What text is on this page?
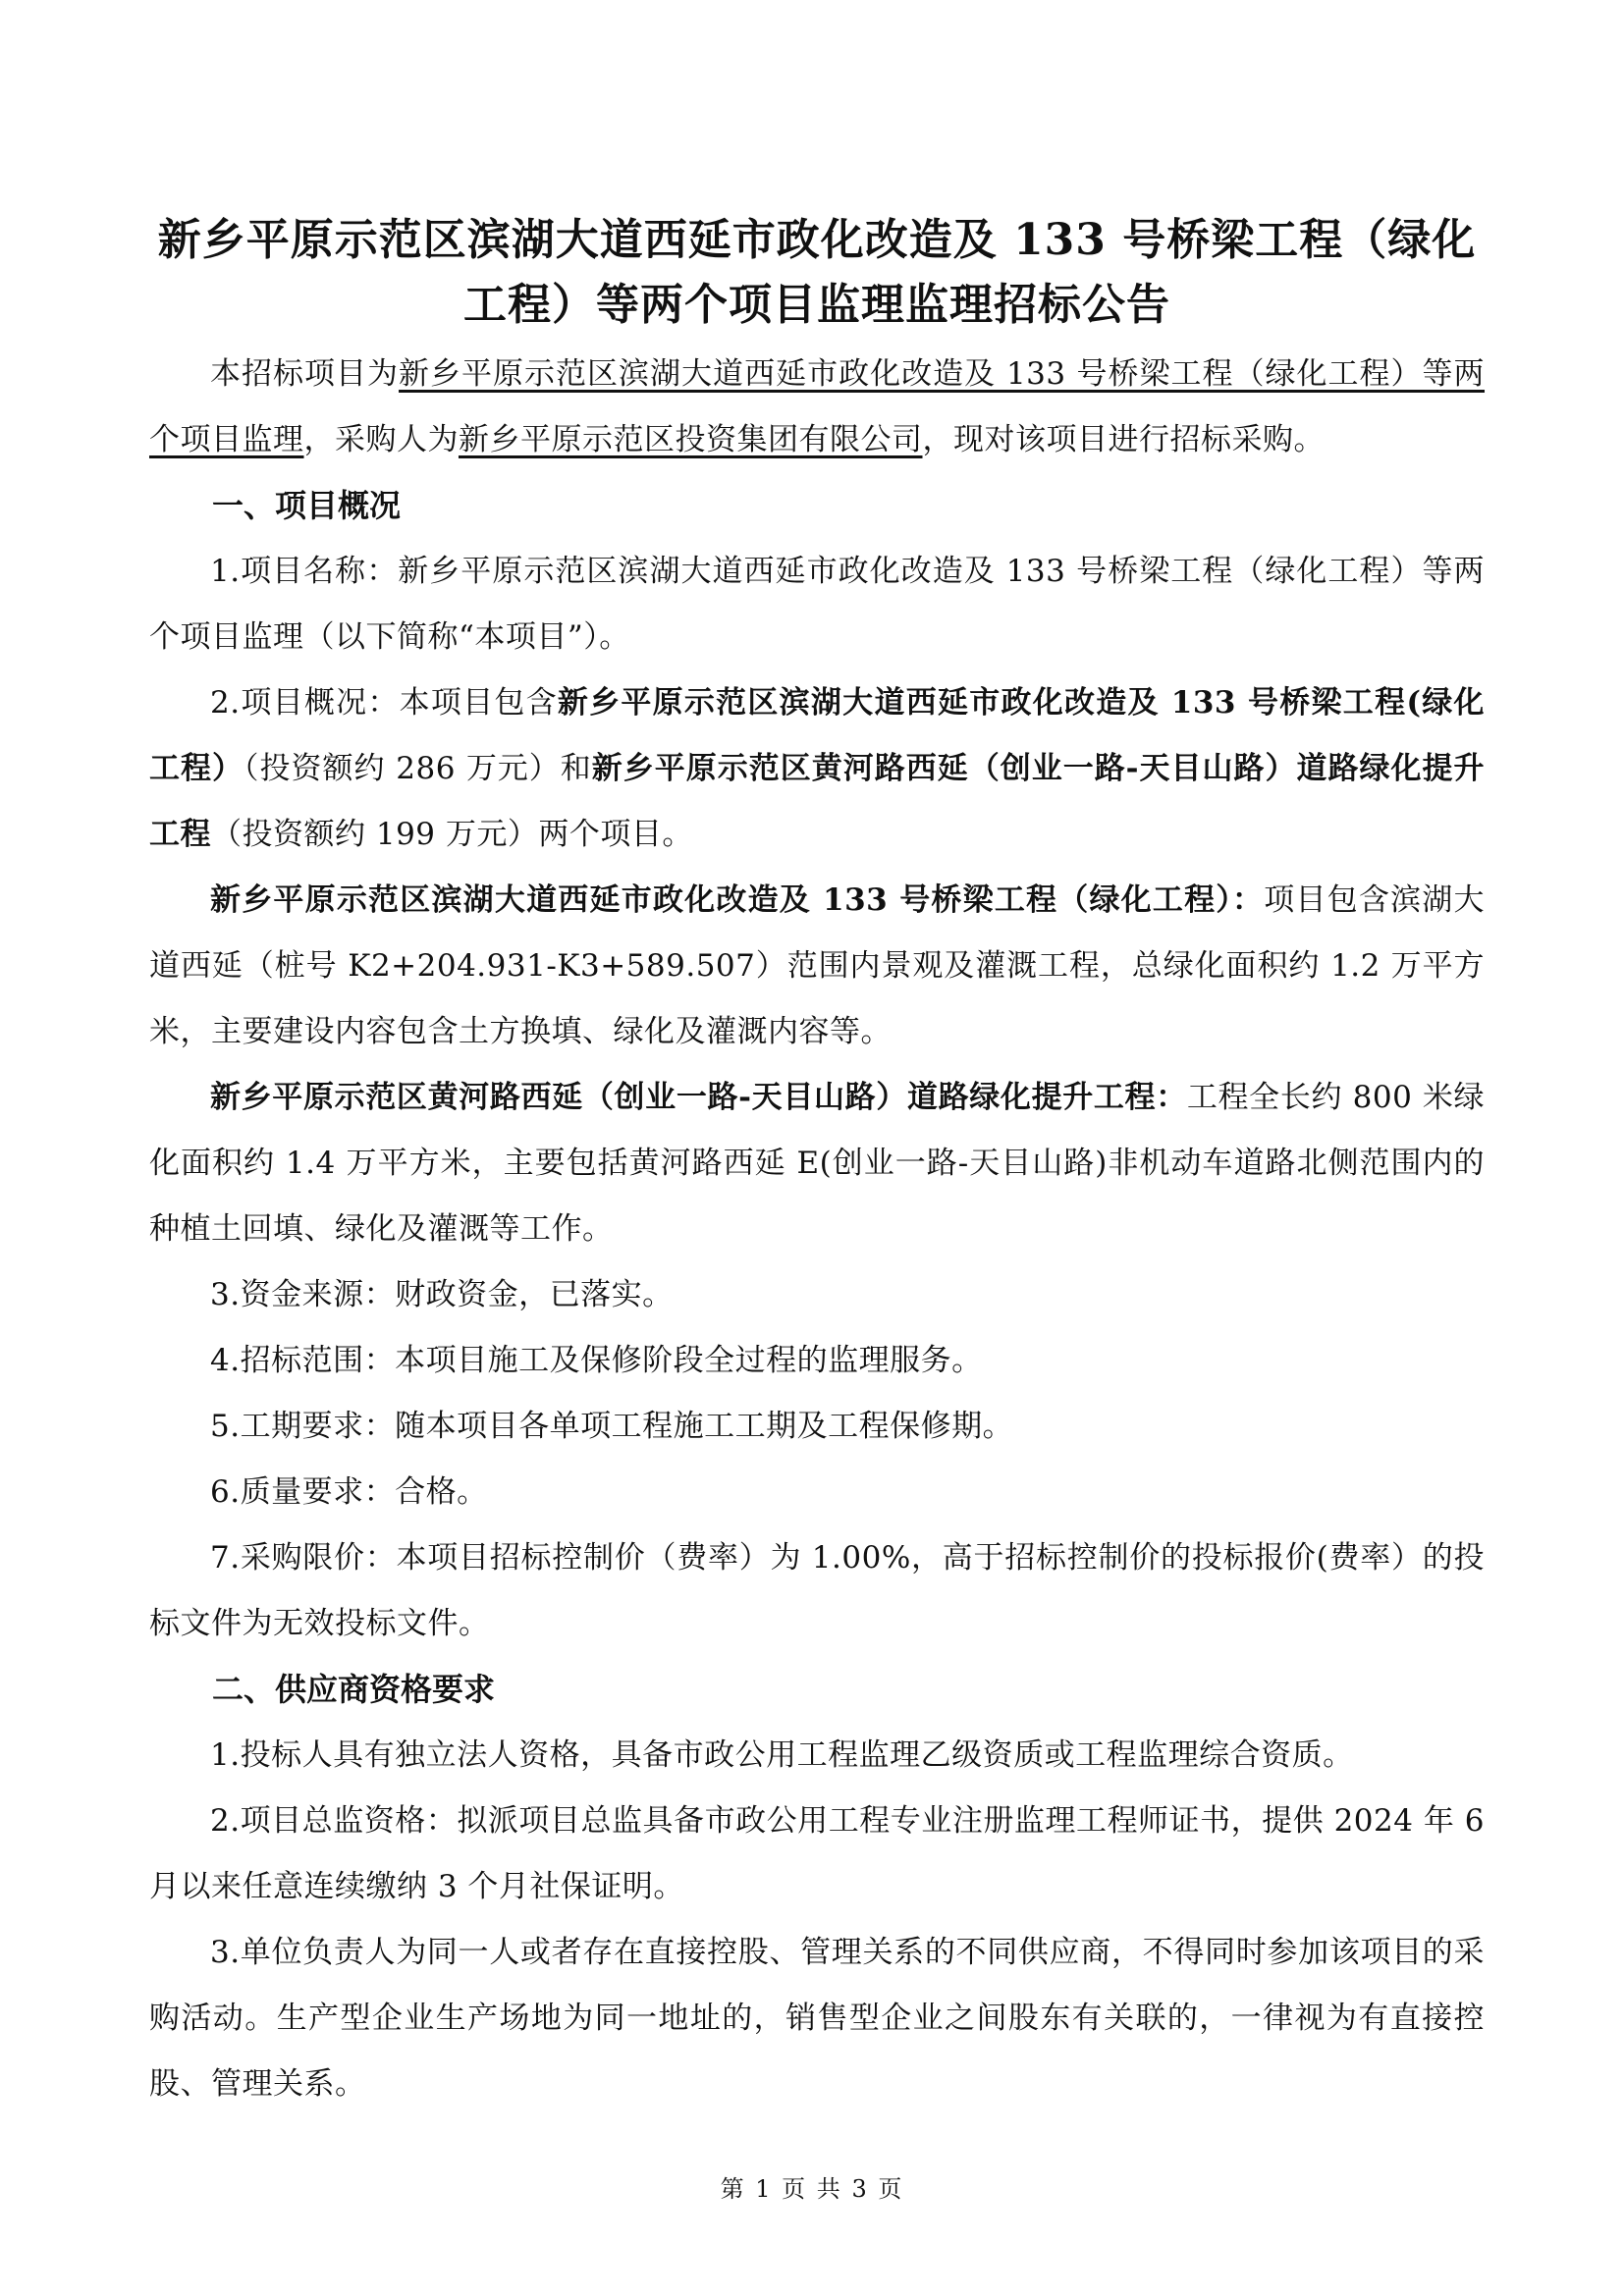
新乡平原示范区滨湖大道西延市政化改造及 133 号桥梁工程（绿化工程）等两个项目监理监理招标公告

本招标项目为新乡平原示范区滨湖大道西延市政化改造及 133 号桥梁工程（绿化工程）等两个项目监理，采购人为新乡平原示范区投资集团有限公司，现对该项目进行招标采购。

一、项目概况

1.项目名称：新乡平原示范区滨湖大道西延市政化改造及 133 号桥梁工程（绿化工程）等两个项目监理（以下简称“本项目”）。

2.项目概况：本项目包含新乡平原示范区滨湖大道西延市政化改造及 133 号桥梁工程(绿化工程）（投资额约 286 万元）和新乡平原示范区黄河路西延（创业一路-天目山路）道路绿化提升工程（投资额约 199 万元）两个项目。

新乡平原示范区滨湖大道西延市政化改造及 133 号桥梁工程（绿化工程）：项目包含滨湖大道西延（桩号 K2+204.931-K3+589.507）范围内景观及灌溉工程，总绿化面积约 1.2 万平方米，主要建设内容包含土方换填、绿化及灌溉内容等。

新乡平原示范区黄河路西延（创业一路-天目山路）道路绿化提升工程：工程全长约 800 米绿化面积约 1.4 万平方米，主要包括黄河路西延 E(创业一路-天目山路)非机动车道路北侧范围内的种植土回填、绿化及灌溉等工作。

3.资金来源：财政资金，已落实。

4.招标范围：本项目施工及保修阶段全过程的监理服务。

5.工期要求：随本项目各单项工程施工工期及工程保修期。

6.质量要求：合格。

7.采购限价：本项目招标控制价（费率）为 1.00%，高于招标控制价的投标报价(费率）的投标文件为无效投标文件。

二、供应商资格要求

1.投标人具有独立法人资格，具备市政公用工程监理乙级资质或工程监理综合资质。

2.项目总监资格：拟派项目总监具备市政公用工程专业注册监理工程师证书，提供 2024 年 6 月以来任意连续缴纳 3 个月社保证明。

3.单位负责人为同一人或者存在直接控股、管理关系的不同供应商，不得同时参加该项目的采购活动。生产型企业生产场地为同一地址的，销售型企业之间股东有关联的，一律视为有直接控股、管理关系。

第 1 页 共 3 页
